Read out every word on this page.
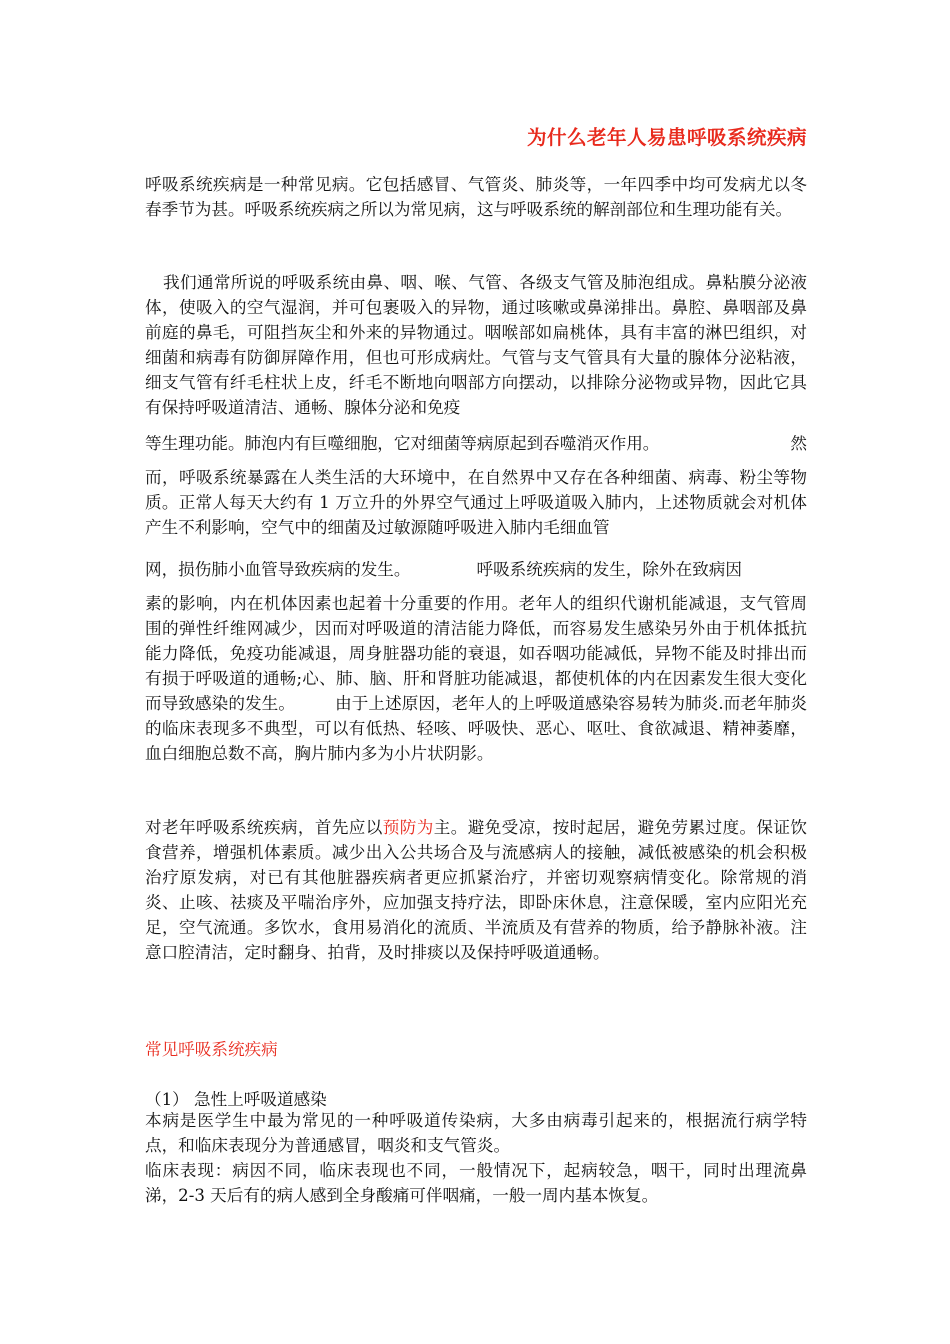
为什么老年人易患呼吸系统疾病

呼吸系统疾病是一种常见病。它包括感冒、气管炎、肺炎等，一年四季中均可发病尤以冬春季节为甚。呼吸系统疾病之所以为常见病，这与呼吸系统的解剖部位和生理功能有关。

我们通常所说的呼吸系统由鼻、咽、喉、气管、各级支气管及肺泡组成。鼻粘膜分泌液体，使吸入的空气湿润，并可包裹吸入的异物，通过咳嗽或鼻涕排出。鼻腔、鼻咽部及鼻前庭的鼻毛，可阻挡灰尘和外来的异物通过。咽喉部如扁桃体，具有丰富的淋巴组织，对细菌和病毒有防御屏障作用，但也可形成病灶。气管与支气管具有大量的腺体分泌粘液，细支气管有纤毛柱状上皮，纤毛不断地向咽部方向摆动，以排除分泌物或异物，因此它具有保持呼吸道清洁、通畅、腺体分泌和免疫

等生理功能。肺泡内有巨噬细胞，它对细菌等病原起到吞噬消灭作用。	然

而，呼吸系统暴露在人类生活的大环境中，在自然界中又存在各种细菌、病毒、粉尘等物质。正常人每天大约有 1 万立升的外界空气通过上呼吸道吸入肺内，上述物质就会对机体产生不利影响，空气中的细菌及过敏源随呼吸进入肺内毛细血管

网，损伤肺小血管导致疾病的发生。	呼吸系统疾病的发生，除外在致病因

素的影响，内在机体因素也起着十分重要的作用。老年人的组织代谢机能减退，支气管周围的弹性纤维网减少，因而对呼吸道的清洁能力降低，而容易发生感染另外由于机体抵抗能力降低，免疫功能减退，周身脏器功能的衰退，如吞咽功能减低，异物不能及时排出而有损于呼吸道的通畅;心、肺、脑、肝和肾脏功能减退，都使机体的内在因素发生很大变化而导致感染的发生。 由于上述原因，老年人的上呼吸道感染容易转为肺炎.而老年肺炎的临床表现多不典型，可以有低热、轻咳、呼吸快、恶心、呕吐、食欲减退、精神萎靡，血白细胞总数不高，胸片肺内多为小片状阴影。

对老年呼吸系统疾病，首先应以预防为主。避免受凉，按时起居，避免劳累过度。保证饮食营养，增强机体素质。减少出入公共场合及与流感病人的接触，减低被感染的机会积极治疗原发病，对已有其他脏器疾病者更应抓紧治疗，并密切观察病情变化。除常规的消炎、止咳、祛痰及平喘治序外，应加强支持疗法，即卧床休息，注意保暖，室内应阳光充足，空气流通。多饮水，食用易消化的流质、半流质及有营养的物质，给予静脉补液。注意口腔清洁，定时翻身、拍背，及时排痰以及保持呼吸道通畅。

常见呼吸系统疾病

（1） 急性上呼吸道感染

本病是医学生中最为常见的一种呼吸道传染病，大多由病毒引起来的，根据流行病学特点，和临床表现分为普通感冒，咽炎和支气管炎。

临床表现：病因不同，临床表现也不同，一般情况下，起病较急，咽干，同时出理流鼻涕，2-3 天后有的病人感到全身酸痛可伴咽痛，一般一周内基本恢复。
